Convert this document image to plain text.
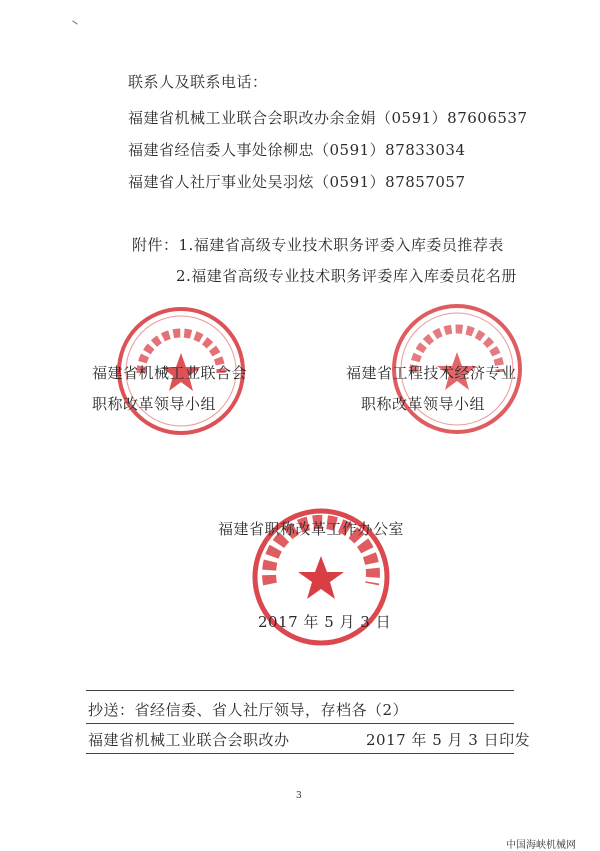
联系人及联系电话：
福建省机械工业联合会职改办余金娟（0591）87606537
福建省经信委人事处徐柳忠（0591）87833034
福建省人社厅事业处吴羽炫（0591）87857057
附件：1.福建省高级专业技术职务评委入库委员推荐表
2.福建省高级专业技术职务评委库入库委员花名册
福建省机械工业联合会
职称改革领导小组
福建省工程技术经济专业
职称改革领导小组
福建省职称改革工作办公室
2017 年 5 月 3 日
抄送：省经信委、省人社厅领导，存档各（2）
福建省机械工业联合会职改办	2017 年 5 月 3 日印发
3
中国海峡机械网
